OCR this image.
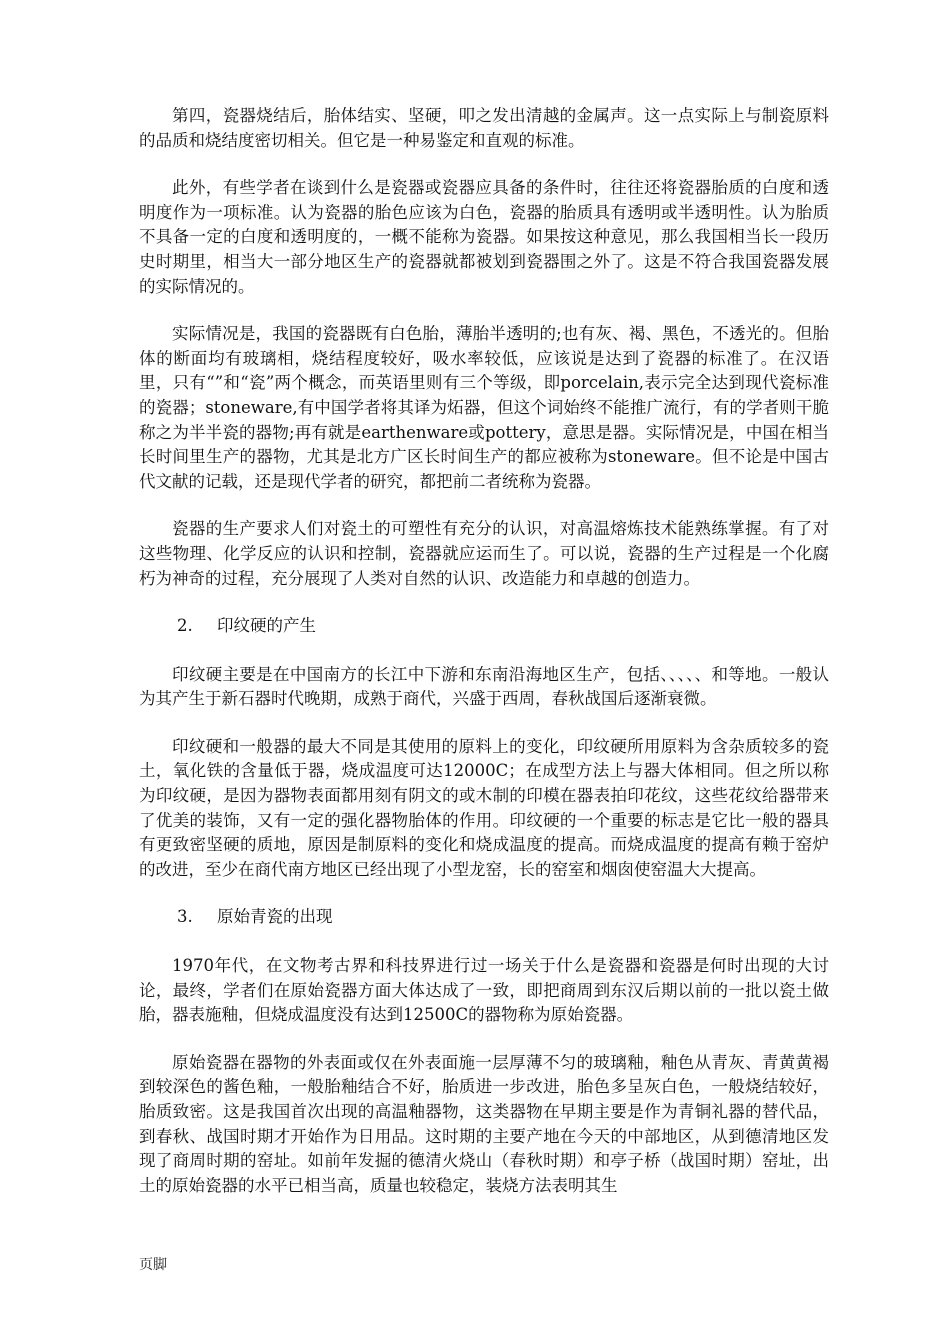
第四，瓷器烧结后，胎体结实、坚硬，叩之发出清越的金属声。这一点实际上与制瓷原料的品质和烧结度密切相关。但它是一种易鉴定和直观的标准。

此外，有些学者在谈到什么是瓷器或瓷器应具备的条件时，往往还将瓷器胎质的白度和透明度作为一项标准。认为瓷器的胎色应该为白色，瓷器的胎质具有透明或半透明性。认为胎质不具备一定的白度和透明度的，一概不能称为瓷器。如果按这种意见，那么我国相当长一段历史时期里，相当大一部分地区生产的瓷器就都被划到瓷器围之外了。这是不符合我国瓷器发展的实际情况的。

实际情况是，我国的瓷器既有白色胎，薄胎半透明的;也有灰、褐、黑色，不透光的。但胎体的断面均有玻璃相，烧结程度较好，吸水率较低，应该说是达到了瓷器的标准了。在汉语里，只有“”和“瓷”两个概念，而英语里则有三个等级，即porcelain,表示完全达到现代瓷标准的瓷器；stoneware,有中国学者将其译为炻器，但这个词始终不能推广流行，有的学者则干脆称之为半半瓷的器物;再有就是earthenware或pottery，意思是器。实际情况是，中国在相当长时间里生产的器物，尤其是北方广区长时间生产的都应被称为stoneware。但不论是中国古代文献的记载，还是现代学者的研究，都把前二者统称为瓷器。

瓷器的生产要求人们对瓷土的可塑性有充分的认识，对高温熔炼技术能熟练掌握。有了对这些物理、化学反应的认识和控制，瓷器就应运而生了。可以说，瓷器的生产过程是一个化腐朽为神奇的过程，充分展现了人类对自然的认识、改造能力和卓越的创造力。

2. 印纹硬的产生

印纹硬主要是在中国南方的长江中下游和东南沿海地区生产，包括、、、、、和等地。一般认为其产生于新石器时代晚期，成熟于商代，兴盛于西周，春秋战国后逐渐衰微。

印纹硬和一般器的最大不同是其使用的原料上的变化，印纹硬所用原料为含杂质较多的瓷土，氧化铁的含量低于器，烧成温度可达12000C；在成型方法上与器大体相同。但之所以称为印纹硬，是因为器物表面都用刻有阴文的或木制的印模在器表拍印花纹，这些花纹给器带来了优美的装饰，又有一定的强化器物胎体的作用。印纹硬的一个重要的标志是它比一般的器具有更致密坚硬的质地，原因是制原料的变化和烧成温度的提高。而烧成温度的提高有赖于窑炉的改进，至少在商代南方地区已经出现了小型龙窑，长的窑室和烟囱使窑温大大提高。

3. 原始青瓷的出现

1970年代，在文物考古界和科技界进行过一场关于什么是瓷器和瓷器是何时出现的大讨论，最终，学者们在原始瓷器方面大体达成了一致，即把商周到东汉后期以前的一批以瓷土做胎，器表施釉，但烧成温度没有达到12500C的器物称为原始瓷器。

原始瓷器在器物的外表面或仅在外表面施一层厚薄不匀的玻璃釉，釉色从青灰、青黄黄褐到较深色的酱色釉，一般胎釉结合不好，胎质进一步改进，胎色多呈灰白色，一般烧结较好，胎质致密。这是我国首次出现的高温釉器物，这类器物在早期主要是作为青铜礼器的替代品，到春秋、战国时期才开始作为日用品。这时期的主要产地在今天的中部地区，从到德清地区发现了商周时期的窑址。如前年发掘的德清火烧山（春秋时期）和亭子桥（战国时期）窑址，出土的原始瓷器的水平已相当高，质量也较稳定，装烧方法表明其生

页脚
